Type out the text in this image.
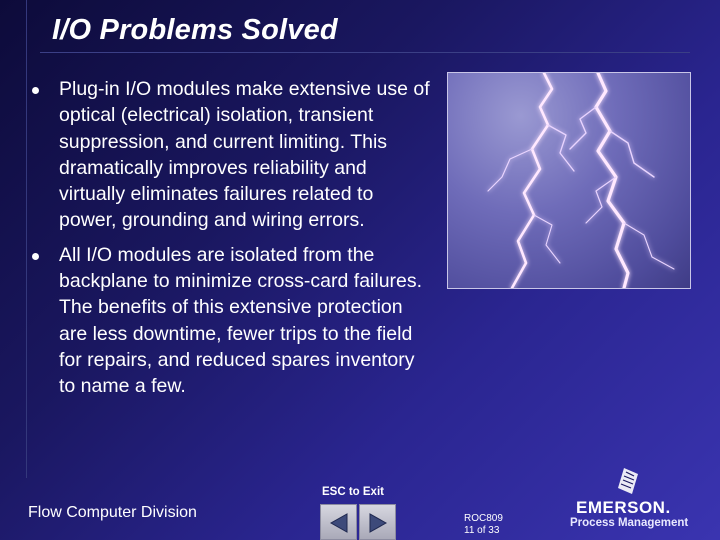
I/O Problems Solved
Plug-in I/O modules make extensive use of optical (electrical) isolation, transient suppression, and current limiting. This dramatically improves reliability and virtually eliminates failures related to power, grounding and wiring errors.
All I/O modules are isolated from the backplane to minimize cross-card failures. The benefits of this extensive protection are less downtime, fewer trips to the field for repairs, and reduced spares inventory to name a few.
ESC to Exit
Flow Computer Division	ROC809
11 of 33
EMERSON.
Process Management
